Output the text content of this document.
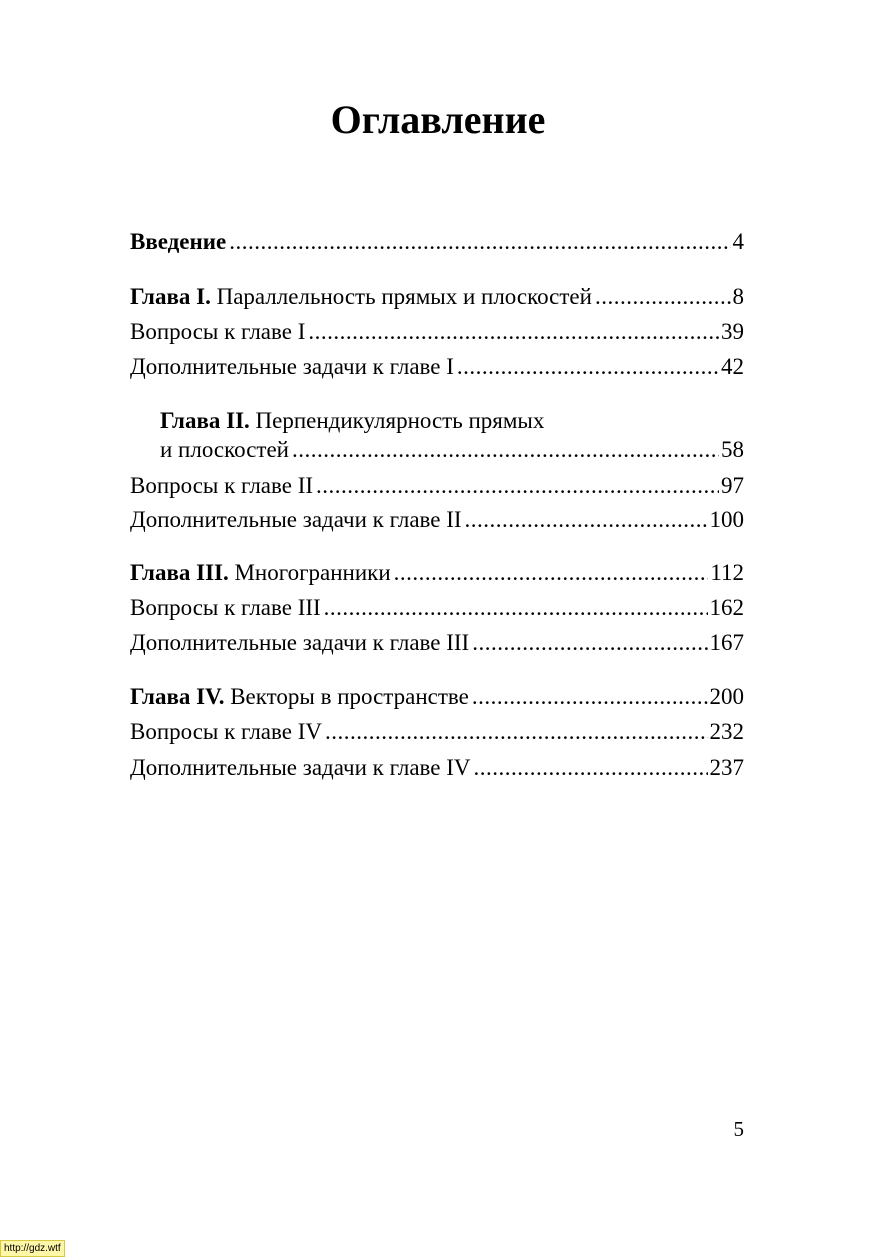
Оглавление
Введение .....	4
Глава I. Параллельность прямых и плоскостей .....	8
Вопросы к главе I .....	39
Дополнительные задачи к главе I .....	42
Глава II. Перпендикулярность прямых
и плоскостей .....	58
Вопросы к главе II .....	97
Дополнительные задачи к главе II .....	100
Глава III. Многогранники .....	112
Вопросы к главе III .....	162
Дополнительные задачи к главе III .....	167
Глава IV. Векторы в пространстве .....	200
Вопросы к главе IV .....	232
Дополнительные задачи к главе IV .....	237
5
http://gdz.wtf
